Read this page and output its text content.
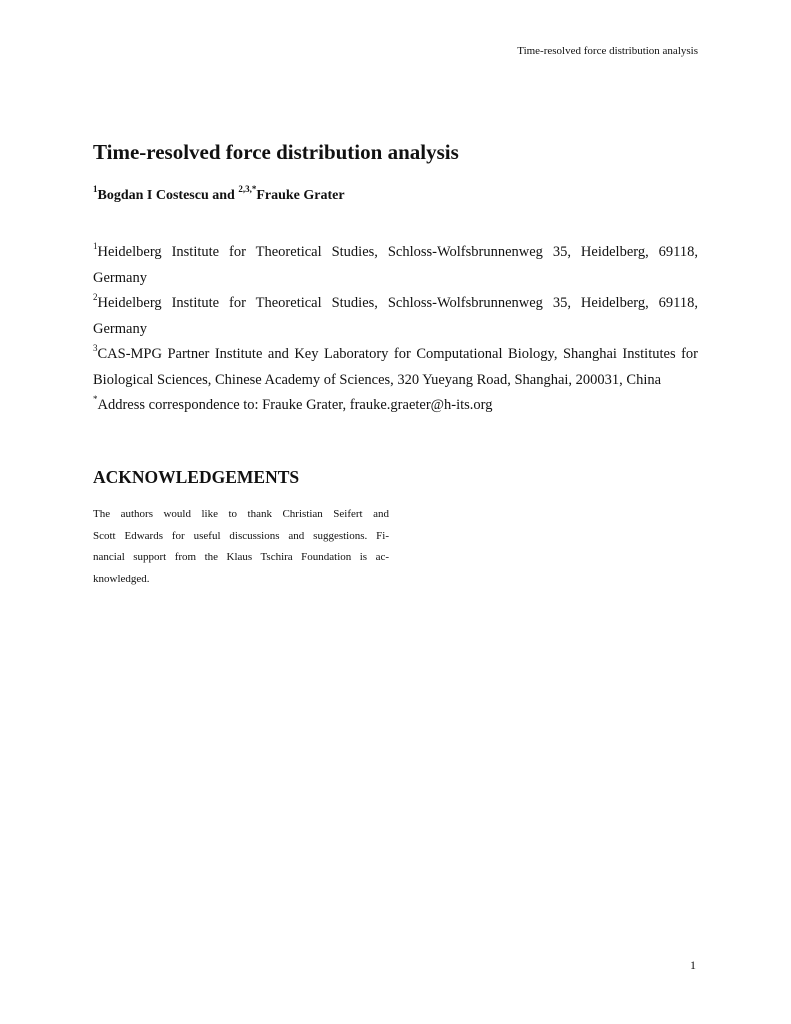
Time-resolved force distribution analysis
Time-resolved force distribution analysis
$^1$Bogdan I Costescu and $^{2,3,*}$Frauke Grater

$^1$Heidelberg Institute for Theoretical Studies, Schloss-Wolfsbrunnenweg 35, Heidelberg, 69118, Germany

$^2$Heidelberg Institute for Theoretical Studies, Schloss-Wolfsbrunnenweg 35, Heidelberg, 69118, Germany

$^3$CAS-MPG Partner Institute and Key Laboratory for Computational Biology, Shanghai Institutes for Biological Sciences, Chinese Academy of Sciences, 320 Yueyang Road, Shanghai, 200031, China

*Address correspondence to: Frauke Grater, frauke.graeter@h-its.org

ACKNOWLEDGEMENTS

The authors would like to thank Christian Seifert and
Scott Edwards for useful discussions and suggestions. Fi-
nancial support from the Klaus Tschira Foundation is ac-
knowledged.

1
